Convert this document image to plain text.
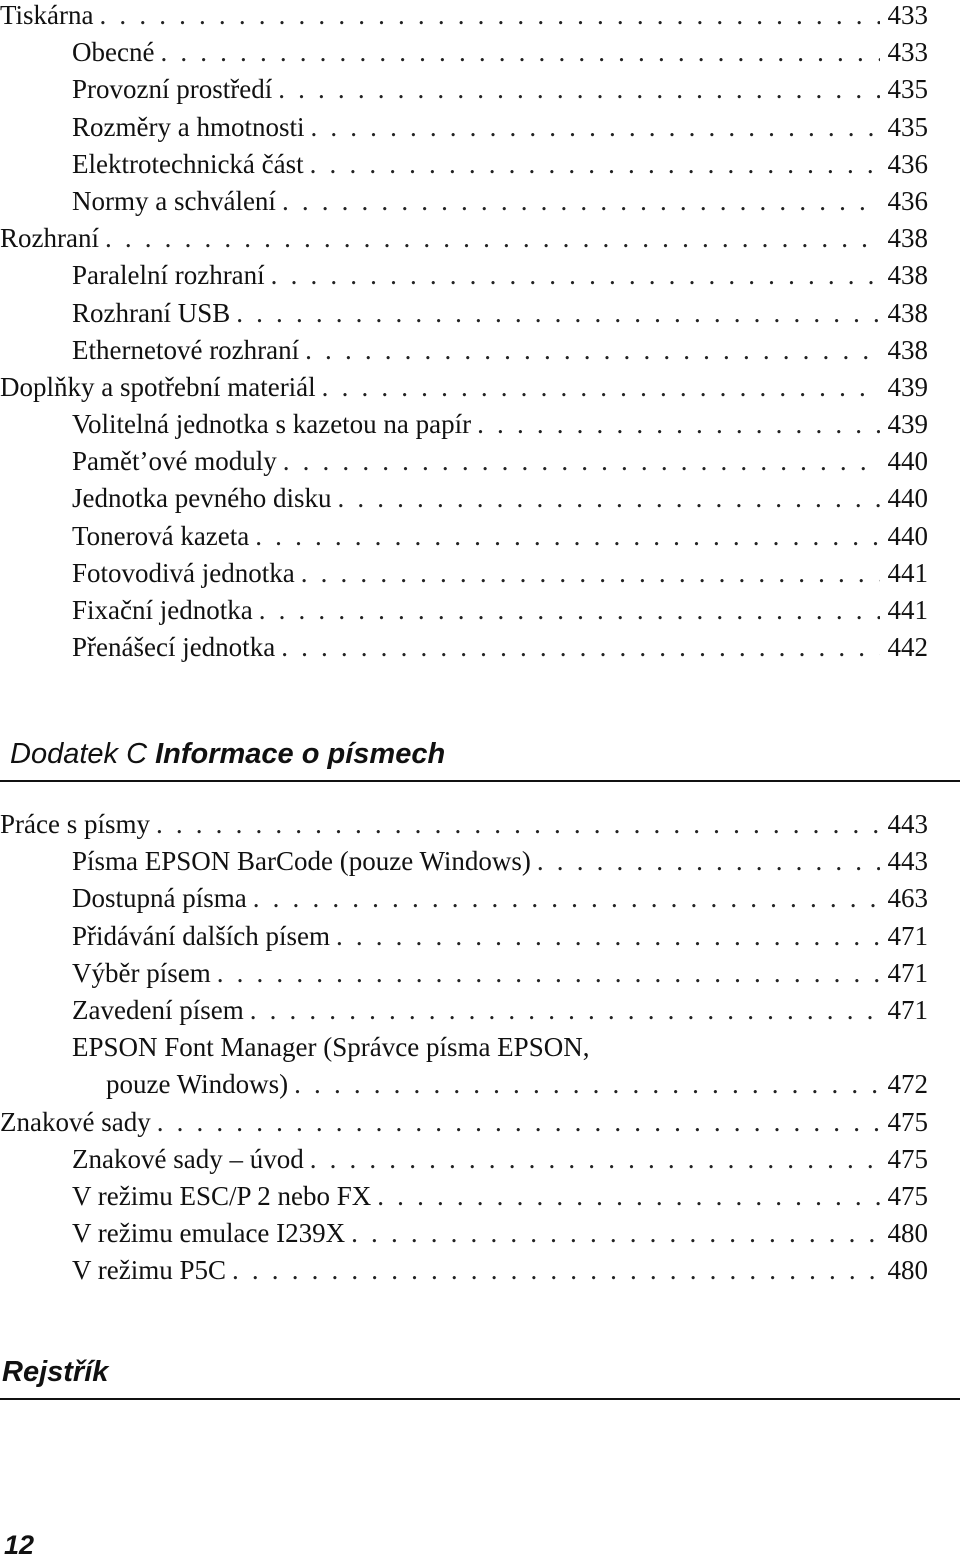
Tiskárna . . .	433
Obecné . . .	433
Provozní prostředí . . .	435
Rozměry a hmotnosti . . .	435
Elektrotechnická část . . .	436
Normy a schválení . . .	436
Rozhraní . . .	438
Paralelní rozhraní . . .	438
Rozhraní USB . . .	438
Ethernetové rozhraní . . .	438
Doplňky a spotřební materiál . . .	439
Volitelná jednotka s kazetou na papír . . .	439
Pamět’ové moduly . . .	440
Jednotka pevného disku . . .	440
Tonerová kazeta . . .	440
Fotovodivá jednotka . . .	441
Fixační jednotka . . .	441
Přenášecí jednotka . . .	442
Dodatek C Informace o písmech
Práce s písmy . . .	443
Písma EPSON BarCode (pouze Windows) . . .	443
Dostupná písma . . .	463
Přidávání dalších písem . . .	471
Výběr písem . . .	471
Zavedení písem . . .	471
EPSON Font Manager (Správce písma EPSON,
pouze Windows) . . .	472
Znakové sady . . .	475
Znakové sady – úvod . . .	475
V režimu ESC/P 2 nebo FX . . .	475
V režimu emulace I239X . . .	480
V režimu P5C . . .	480
Rejstřík
12
